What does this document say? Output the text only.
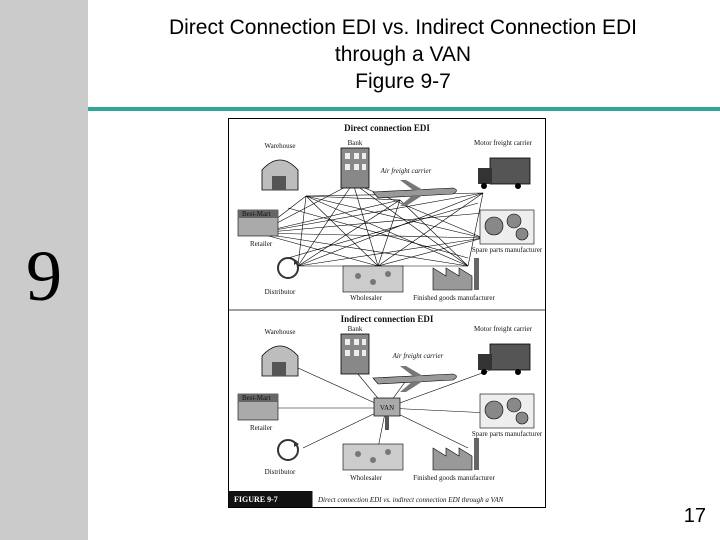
9
Direct Connection EDI vs. Indirect Connection EDI
through a VAN
Figure 9-7
Direct connection EDI
Warehouse	Bank	Motor freight carrier
Air freight carrier
Best-Mart
Retailer
Spare parts manufacturer
Distributor
Wholesaler	Finished goods manufacturer
Indirect connection EDI
VAN
Warehouse	Bank	Motor freight carrier
Air freight carrier
Best-Mart
Retailer
Spare parts manufacturer
Distributor
Wholesaler	Finished goods manufacturer
FIGURE 9-7	Direct connection EDI vs. indirect connection EDI through a VAN
17
